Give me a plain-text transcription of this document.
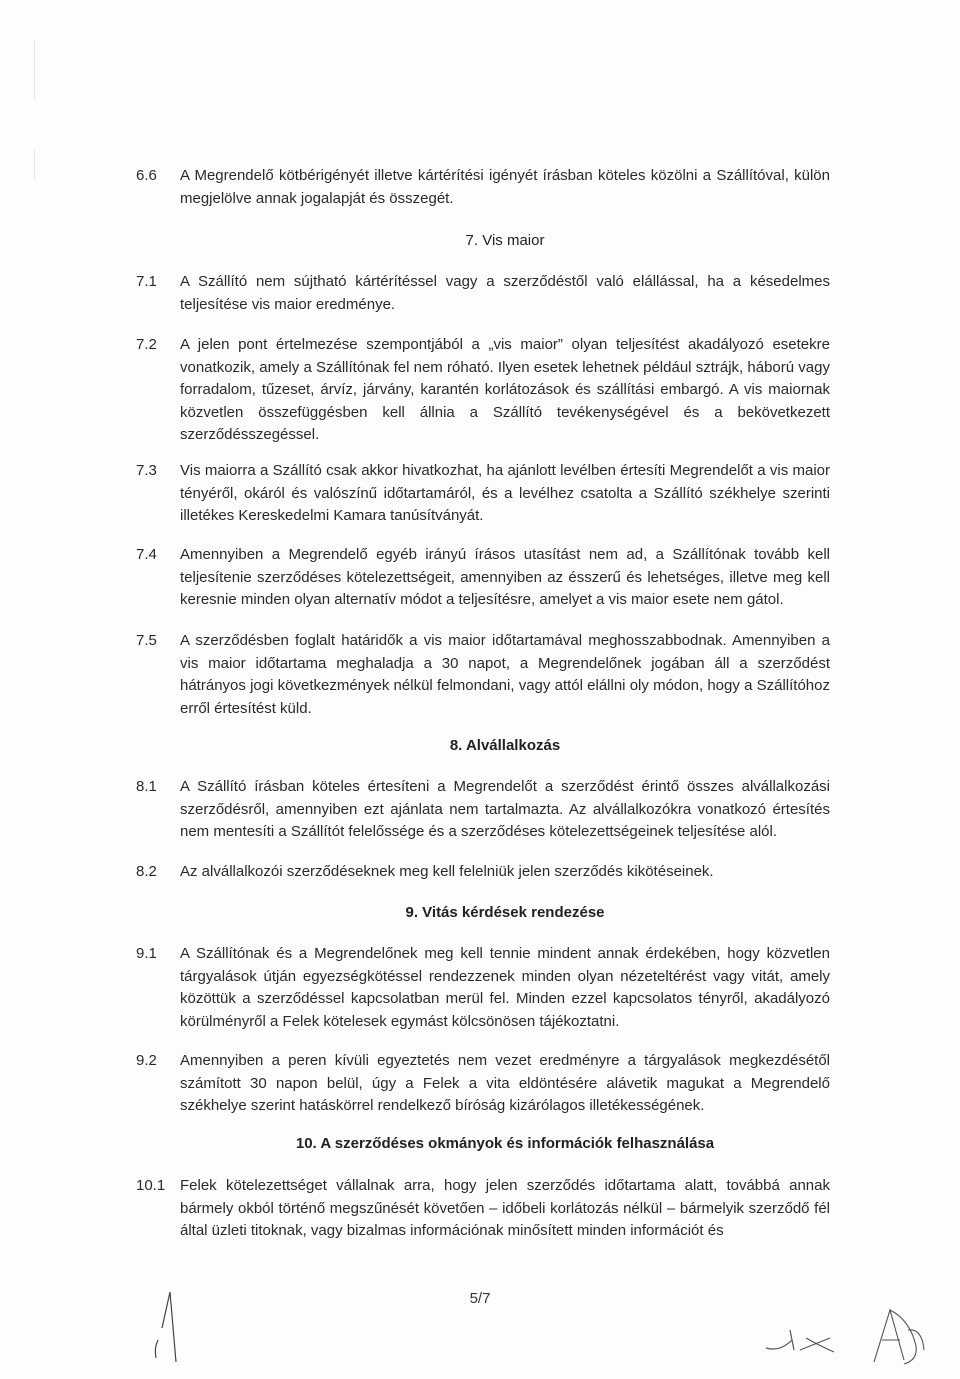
6.6	A Megrendelő kötbérigényét illetve kártérítési igényét írásban köteles közölni a Szállítóval, külön megjelölve annak jogalapját és összegét.
7. Vis maior
7.1	A Szállító nem sújtható kártérítéssel vagy a szerződéstől való elállással, ha a késedelmes teljesítése vis maior eredménye.
7.2	A jelen pont értelmezése szempontjából a „vis maior” olyan teljesítést akadályozó esetekre vonatkozik, amely a Szállítónak fel nem róható. Ilyen esetek lehetnek például sztrájk, háború vagy forradalom, tűzeset, árvíz, járvány, karantén korlátozások és szállítási embargó. A vis maiornak közvetlen összefüggésben kell állnia a Szállító tevékenységével és a bekövetkezett szerződésszegéssel.
7.3	Vis maiorra a Szállító csak akkor hivatkozhat, ha ajánlott levélben értesíti Megrendelőt a vis maior tényéről, okáról és valószínű időtartamáról, és a levélhez csatolta a Szállító székhelye szerinti illetékes Kereskedelmi Kamara tanúsítványát.
7.4	Amennyiben a Megrendelő egyéb irányú írásos utasítást nem ad, a Szállítónak tovább kell teljesítenie szerződéses kötelezettségeit, amennyiben az ésszerű és lehetséges, illetve meg kell keresnie minden olyan alternatív módot a teljesítésre, amelyet a vis maior esete nem gátol.
7.5	A szerződésben foglalt határidők a vis maior időtartamával meghosszabbodnak. Amennyiben a vis maior időtartama meghaladja a 30 napot, a Megrendelőnek jogában áll a szerződést hátrányos jogi következmények nélkül felmondani, vagy attól elállni oly módon, hogy a Szállítóhoz erről értesítést küld.
8. Alvállalkozás
8.1	A Szállító írásban köteles értesíteni a Megrendelőt a szerződést érintő összes alvállalkozási szerződésről, amennyiben ezt ajánlata nem tartalmazta. Az alvállalkozókra vonatkozó értesítés nem mentesíti a Szállítót felelőssége és a szerződéses kötelezettségeinek teljesítése alól.
8.2	Az alvállalkozói szerződéseknek meg kell felelniük jelen szerződés kikötéseinek.
9. Vitás kérdések rendezése
9.1	A Szállítónak és a Megrendelőnek meg kell tennie mindent annak érdekében, hogy közvetlen tárgyalások útján egyezségkötéssel rendezzenek minden olyan nézeteltérést vagy vitát, amely közöttük a szerződéssel kapcsolatban merül fel. Minden ezzel kapcsolatos tényről, akadályozó körülményről a Felek kötelesek egymást kölcsönösen tájékoztatni.
9.2	Amennyiben a peren kívüli egyeztetés nem vezet eredményre a tárgyalások megkezdésétől számított 30 napon belül, úgy a Felek a vita eldöntésére alávetik magukat a Megrendelő székhelye szerint hatáskörrel rendelkező bíróság kizárólagos illetékességének.
10. A szerződéses okmányok és információk felhasználása
10.1 Felek kötelezettséget vállalnak arra, hogy jelen szerződés időtartama alatt, továbbá annak bármely okból történő megszűnését követően – időbeli korlátozás nélkül – bármelyik szerződő fél által üzleti titoknak, vagy bizalmas információnak minősített minden információt és
5/7
